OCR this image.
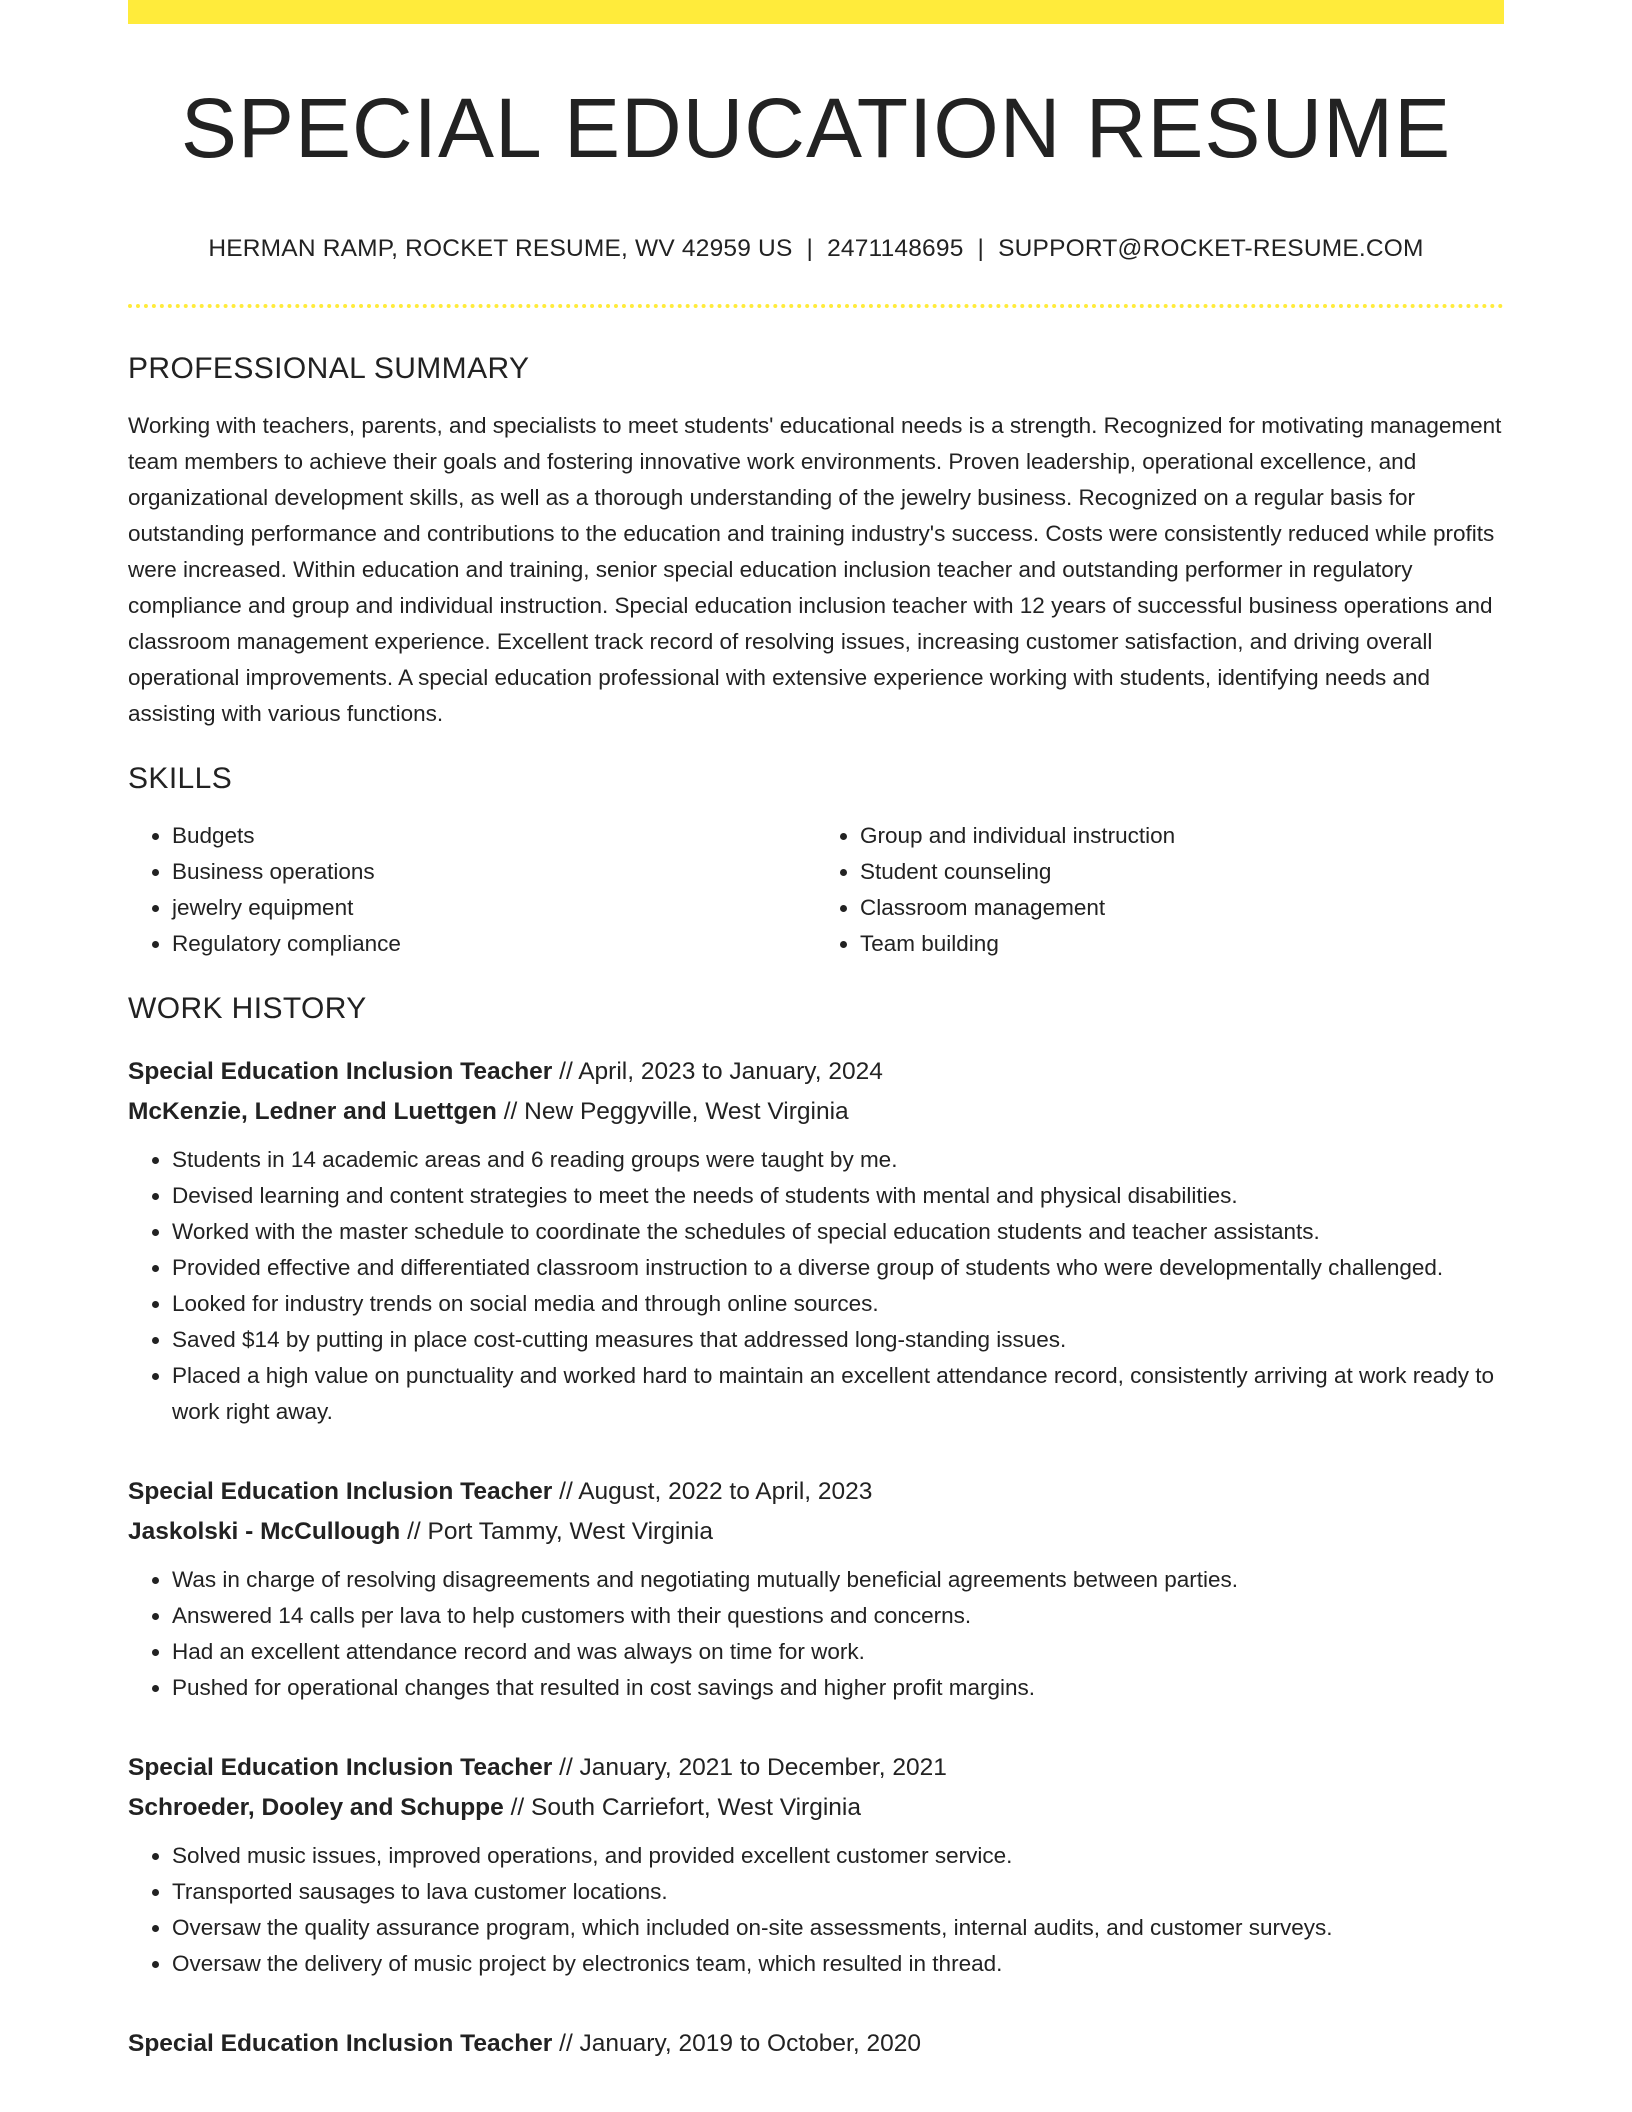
SPECIAL EDUCATION RESUME
HERMAN RAMP, ROCKET RESUME, WV 42959 US | 2471148695 | SUPPORT@ROCKET-RESUME.COM
PROFESSIONAL SUMMARY

Working with teachers, parents, and specialists to meet students' educational needs is a strength. Recognized for motivating management team members to achieve their goals and fostering innovative work environments. Proven leadership, operational excellence, and organizational development skills, as well as a thorough understanding of the jewelry business. Recognized on a regular basis for outstanding performance and contributions to the education and training industry's success. Costs were consistently reduced while profits were increased. Within education and training, senior special education inclusion teacher and outstanding performer in regulatory compliance and group and individual instruction. Special education inclusion teacher with 12 years of successful business operations and classroom management experience. Excellent track record of resolving issues, increasing customer satisfaction, and driving overall operational improvements. A special education professional with extensive experience working with students, identifying needs and assisting with various functions.

SKILLS
• Budgets
• Business operations
• jewelry equipment
• Regulatory compliance
• Group and individual instruction
• Student counseling
• Classroom management
• Team building
WORK HISTORY
Special Education Inclusion Teacher // April, 2023 to January, 2024
McKenzie, Ledner and Luettgen // New Peggyville, West Virginia
• Students in 14 academic areas and 6 reading groups were taught by me.
• Devised learning and content strategies to meet the needs of students with mental and physical disabilities.
• Worked with the master schedule to coordinate the schedules of special education students and teacher assistants.
• Provided effective and differentiated classroom instruction to a diverse group of students who were developmentally challenged.
• Looked for industry trends on social media and through online sources.
• Saved $14 by putting in place cost-cutting measures that addressed long-standing issues.
• Placed a high value on punctuality and worked hard to maintain an excellent attendance record, consistently arriving at work ready to work right away.
Special Education Inclusion Teacher // August, 2022 to April, 2023
Jaskolski - McCullough // Port Tammy, West Virginia
• Was in charge of resolving disagreements and negotiating mutually beneficial agreements between parties.
• Answered 14 calls per lava to help customers with their questions and concerns.
• Had an excellent attendance record and was always on time for work.
• Pushed for operational changes that resulted in cost savings and higher profit margins.
Special Education Inclusion Teacher // January, 2021 to December, 2021
Schroeder, Dooley and Schuppe // South Carriefort, West Virginia
• Solved music issues, improved operations, and provided excellent customer service.
• Transported sausages to lava customer locations.
• Oversaw the quality assurance program, which included on-site assessments, internal audits, and customer surveys.
• Oversaw the delivery of music project by electronics team, which resulted in thread.
Special Education Inclusion Teacher // January, 2019 to October, 2020
